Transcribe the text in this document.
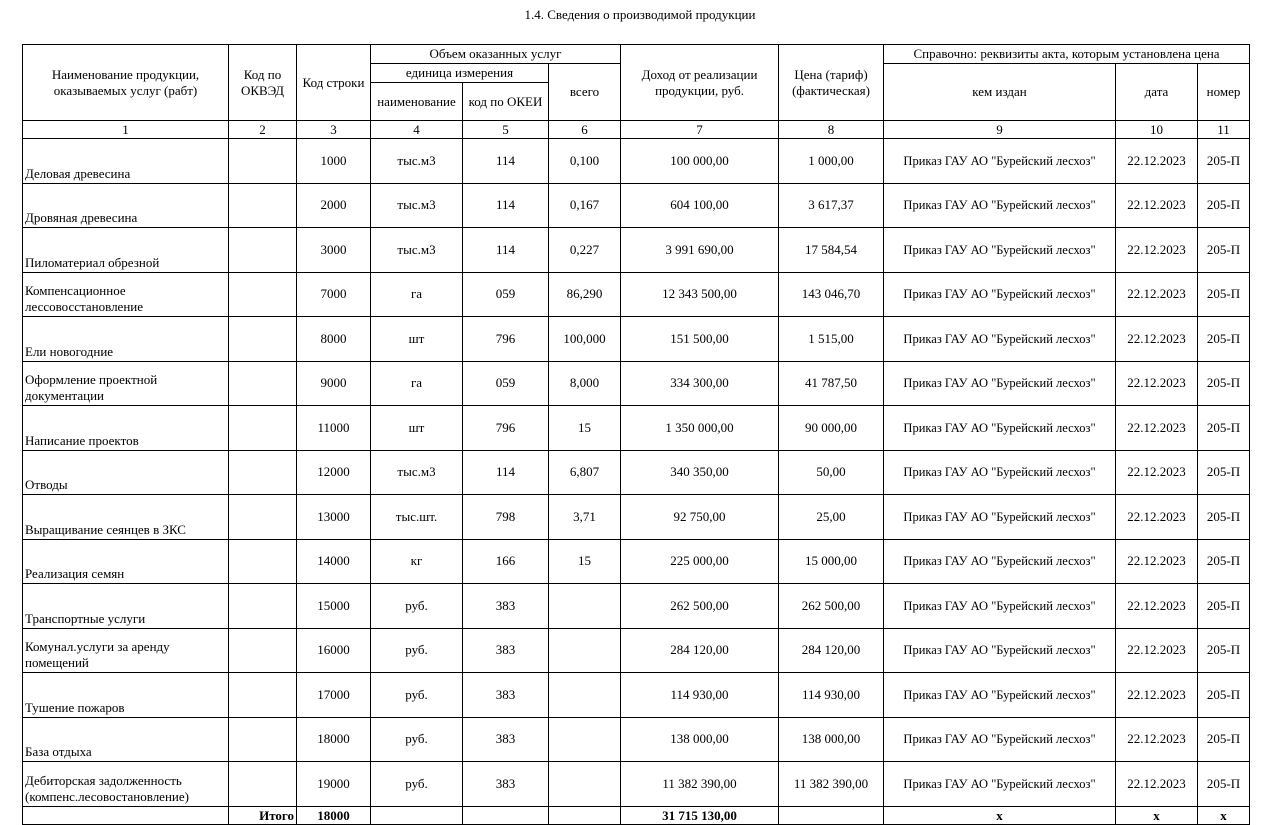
1.4. Сведения о производимой продукции
Наименование продукции, оказываемых услуг (рабт)	Код по ОКВЭД	Код строки	Объем оказанных услуг			Доход от реализации продукции, руб.	Цена (тариф) (фактическая)	Справочно: реквизиты акта, которым установлена цена		
			единица измерения		всего			кем издан	дата	номер
			наименование	код по ОКЕИ						
1	2	3	4	5	6	7	8	9	10	11
Деловая древесина		1000	тыс.м3	114	0,100	100 000,00	1 000,00	Приказ ГАУ АО "Бурейский лесхоз"	22.12.2023	205-П
Дровяная древесина		2000	тыс.м3	114	0,167	604 100,00	3 617,37	Приказ ГАУ АО "Бурейский лесхоз"	22.12.2023	205-П
Пиломатериал обрезной		3000	тыс.м3	114	0,227	3 991 690,00	17 584,54	Приказ ГАУ АО "Бурейский лесхоз"	22.12.2023	205-П
Компенсационное лесcовосстановление		7000	га	059	86,290	12 343 500,00	143 046,70	Приказ ГАУ АО "Бурейский лесхоз"	22.12.2023	205-П
Ели новогодние		8000	шт	796	100,000	151 500,00	1 515,00	Приказ ГАУ АО "Бурейский лесхоз"	22.12.2023	205-П
Оформление проектной документации		9000	га	059	8,000	334 300,00	41 787,50	Приказ ГАУ АО "Бурейский лесхоз"	22.12.2023	205-П
Написание проектов		11000	шт	796	15	1 350 000,00	90 000,00	Приказ ГАУ АО "Бурейский лесхоз"	22.12.2023	205-П
Отводы		12000	тыс.м3	114	6,807	340 350,00	50,00	Приказ ГАУ АО "Бурейский лесхоз"	22.12.2023	205-П
Выращивание сеянцев в ЗКС		13000	тыс.шт.	798	3,71	92 750,00	25,00	Приказ ГАУ АО "Бурейский лесхоз"	22.12.2023	205-П
Реализация семян		14000	кг	166	15	225 000,00	15 000,00	Приказ ГАУ АО "Бурейский лесхоз"	22.12.2023	205-П
Транспортные услуги		15000	руб.	383		262 500,00	262 500,00	Приказ ГАУ АО "Бурейский лесхоз"	22.12.2023	205-П
Комунал.услуги за аренду помещений		16000	руб.	383		284 120,00	284 120,00	Приказ ГАУ АО "Бурейский лесхоз"	22.12.2023	205-П
Тушение пожаров		17000	руб.	383		114 930,00	114 930,00	Приказ ГАУ АО "Бурейский лесхоз"	22.12.2023	205-П
База отдыха		18000	руб.	383		138 000,00	138 000,00	Приказ ГАУ АО "Бурейский лесхоз"	22.12.2023	205-П
Дебиторская задолженность (компенс.лесовостановление)		19000	руб.	383		11 382 390,00	11 382 390,00	Приказ ГАУ АО "Бурейский лесхоз"	22.12.2023	205-П
	Итого	18000				31 715 130,00		x	x	x
